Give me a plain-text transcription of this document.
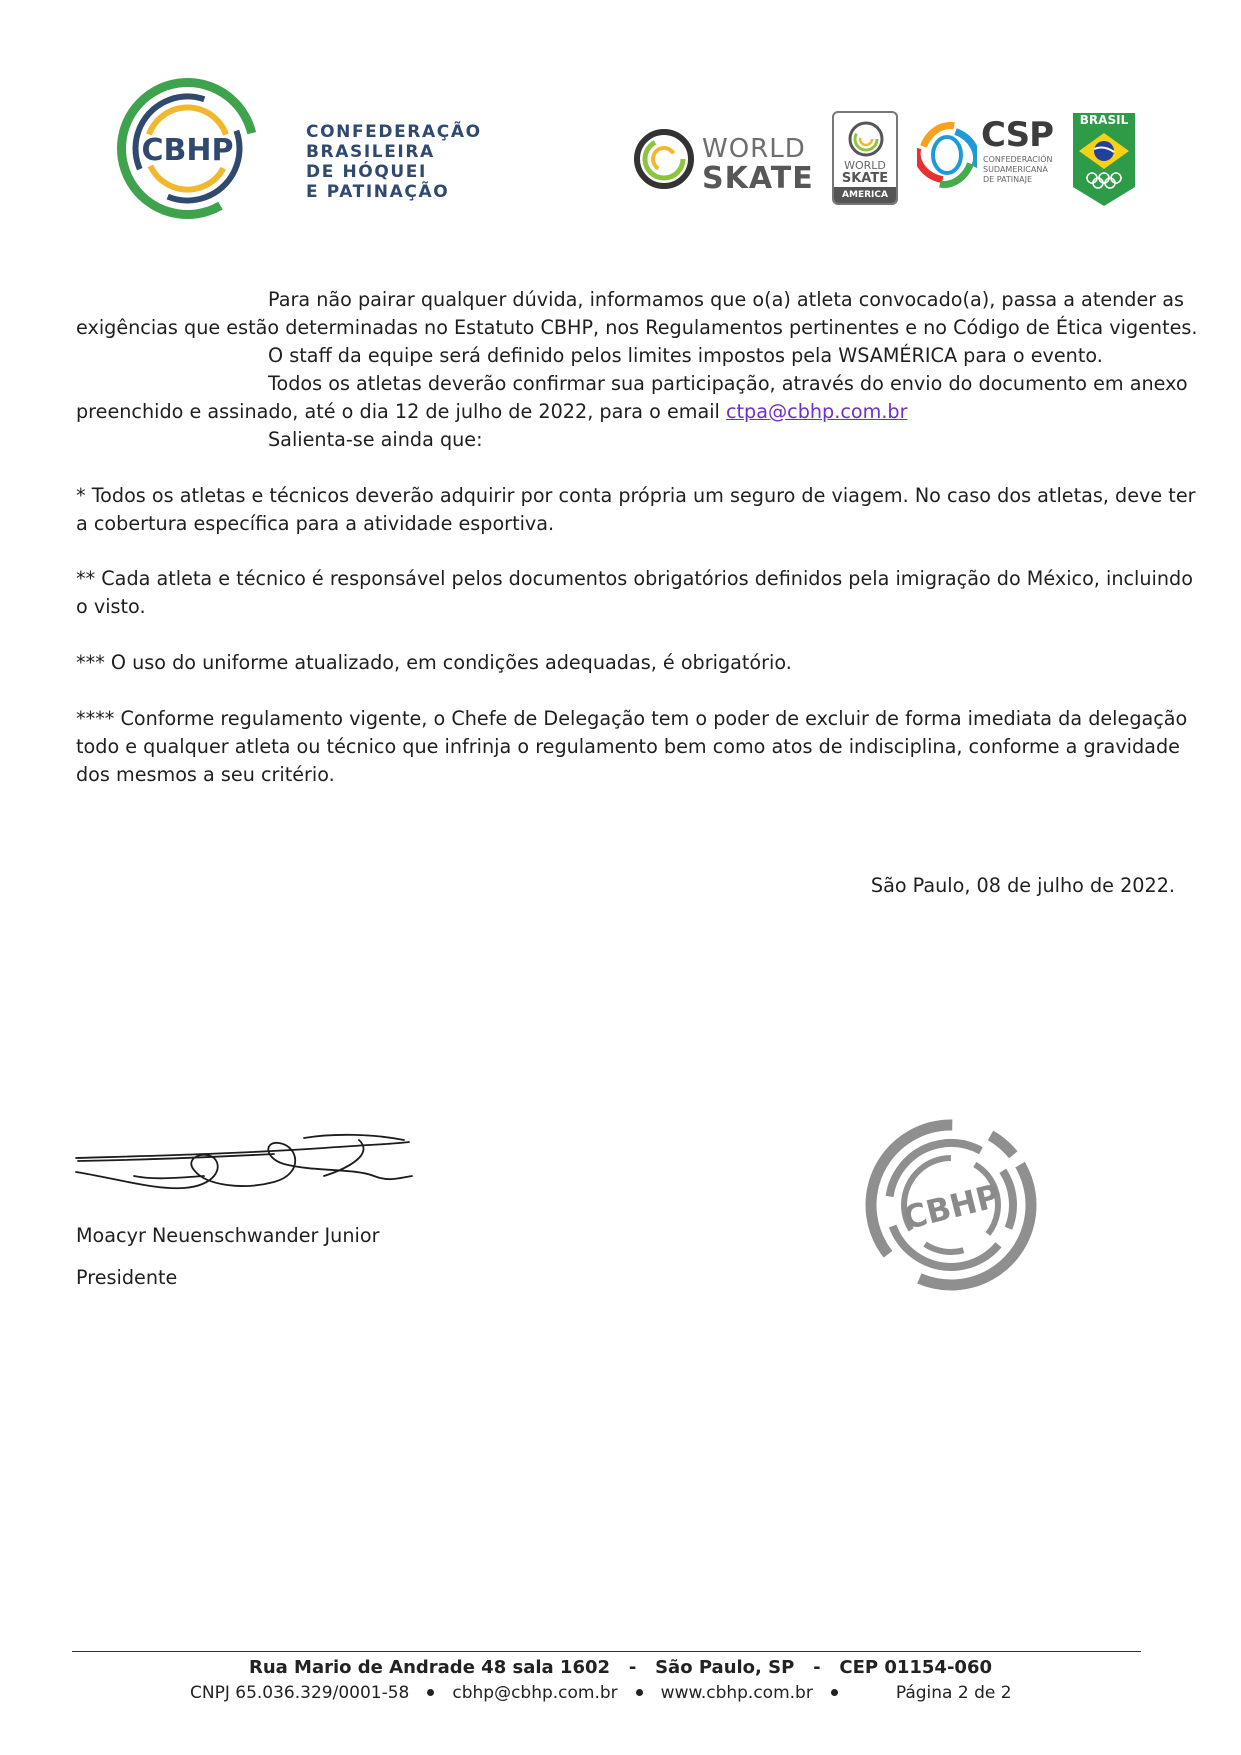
CBHP
CONFEDERAÇÃO
BRASILEIRA
DE HÓQUEI
E PATINAÇÃO
WORLD
SKATE	WORLD
SKATE
AMERICA
CSP
CONFEDERACIÓN
SUDAMERICANA
DE PATINAJE
BRASIL

Para não pairar qualquer dúvida, informamos que o(a) atleta convocado(a), passa a atender as

exigências que estão determinadas no Estatuto CBHP, nos Regulamentos pertinentes e no Código de Ética vigentes.

O staff da equipe será definido pelos limites impostos pela WSAMÉRICA para o evento.

Todos os atletas deverão confirmar sua participação, através do envio do documento em anexo

preenchido e assinado, até o dia 12 de julho de 2022, para o email ctpa@cbhp.com.br

Salienta-se ainda que:

* Todos os atletas e técnicos deverão adquirir por conta própria um seguro de viagem. No caso dos atletas, deve ter

a cobertura específica para a atividade esportiva.

** Cada atleta e técnico é responsável pelos documentos obrigatórios definidos pela imigração do México, incluindo

o visto.

*** O uso do uniforme atualizado, em condições adequadas, é obrigatório.

**** Conforme regulamento vigente, o Chefe de Delegação tem o poder de excluir de forma imediata da delegação

todo e qualquer atleta ou técnico que infrinja o regulamento bem como atos de indisciplina, conforme a gravidade

dos mesmos a seu critério.

São Paulo, 08 de julho de 2022.

Moacyr Neuenschwander Junior

Presidente

CBHP
Rua Mario de Andrade 48 sala 1602   -   São Paulo, SP   -   CEP 01154-060
CNPJ 65.036.329/0001-58	cbhp@cbhp.com.br	www.cbhp.com.br	Página 2 de 2
